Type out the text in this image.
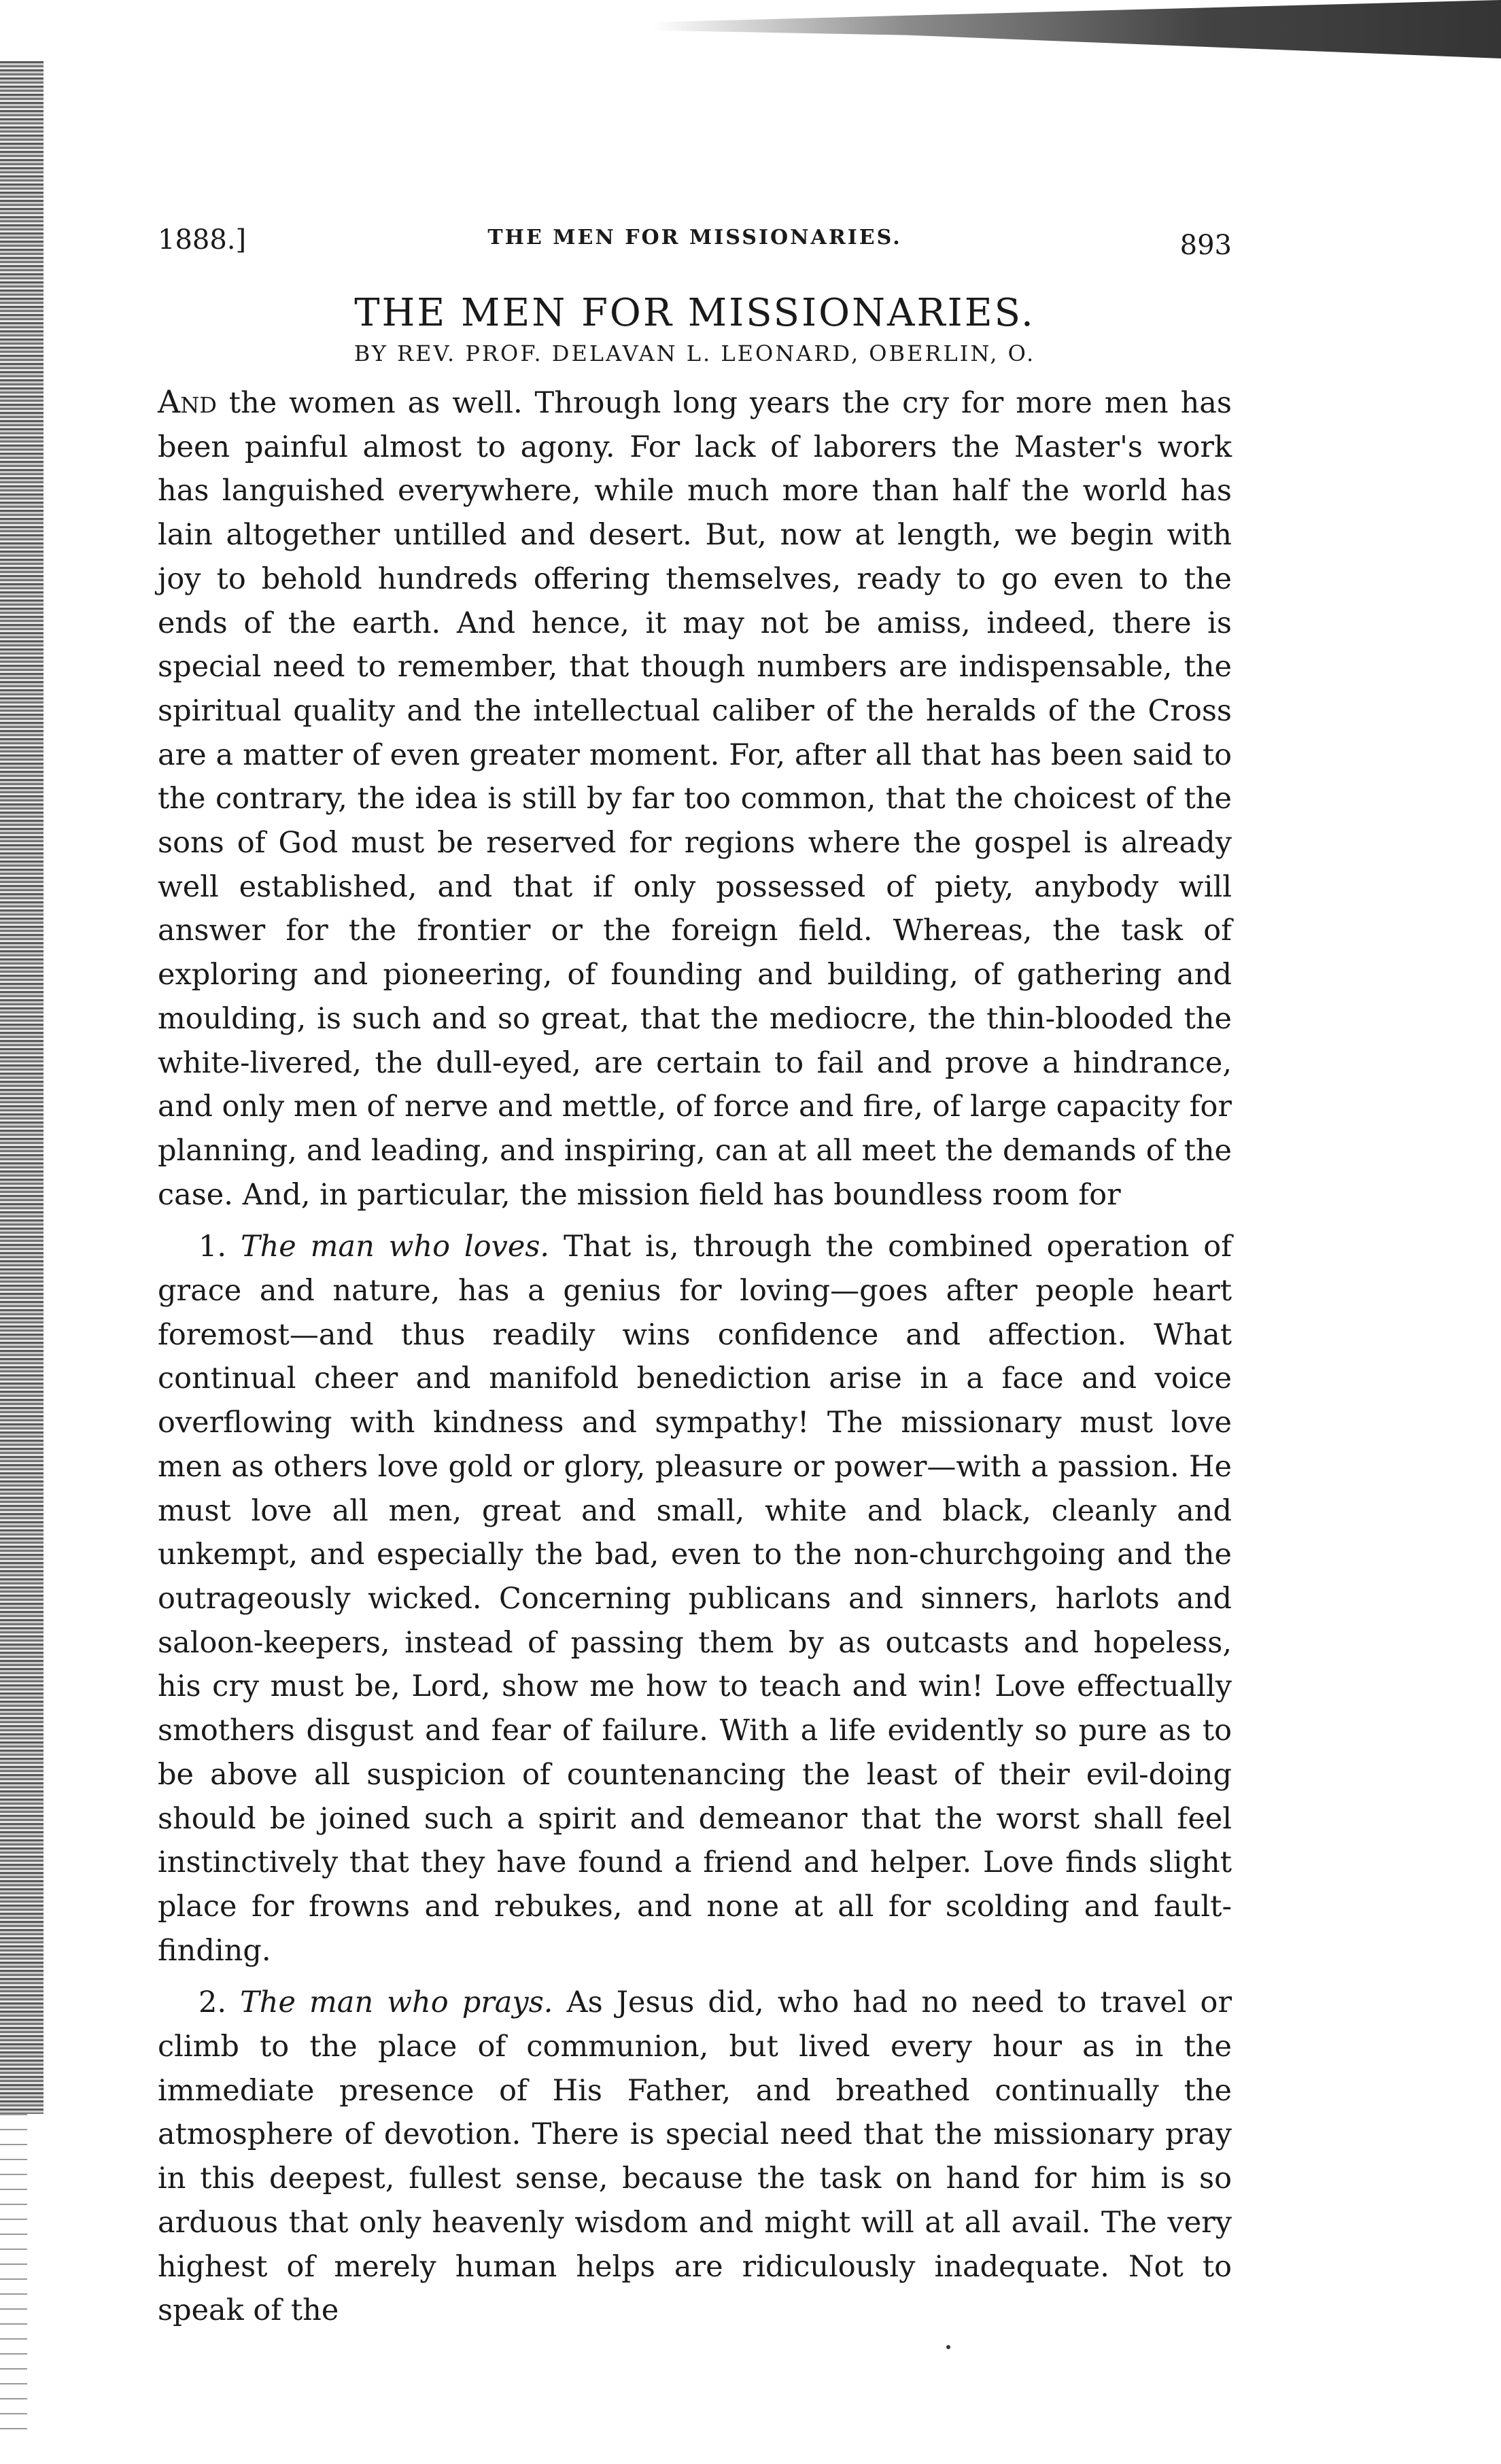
1888.]	THE MEN FOR MISSIONARIES.	893
THE MEN FOR MISSIONARIES.
BY REV. PROF. DELAVAN L. LEONARD, OBERLIN, O.

And the women as well. Through long years the cry for more men has been painful almost to agony. For lack of laborers the Master's work has languished everywhere, while much more than half the world has lain altogether untilled and desert. But, now at length, we begin with joy to behold hundreds offering themselves, ready to go even to the ends of the earth. And hence, it may not be amiss, indeed, there is special need to remember, that though numbers are indispensable, the spiritual quality and the intellectual caliber of the heralds of the Cross are a matter of even greater moment. For, after all that has been said to the contrary, the idea is still by far too common, that the choicest of the sons of God must be reserved for regions where the gospel is already well established, and that if only possessed of piety, anybody will answer for the frontier or the foreign field. Whereas, the task of exploring and pioneering, of founding and building, of gathering and moulding, is such and so great, that the mediocre, the thin-blooded the white-livered, the dull-eyed, are certain to fail and prove a hindrance, and only men of nerve and mettle, of force and fire, of large capacity for planning, and leading, and inspiring, can at all meet the demands of the case. And, in particular, the mission field has boundless room for

1. The man who loves. That is, through the combined operation of grace and nature, has a genius for loving—goes after people heart foremost—and thus readily wins confidence and affection. What continual cheer and manifold benediction arise in a face and voice overflowing with kindness and sympathy! The missionary must love men as others love gold or glory, pleasure or power—with a passion. He must love all men, great and small, white and black, cleanly and unkempt, and especially the bad, even to the non-churchgoing and the outrageously wicked. Concerning publicans and sinners, harlots and saloon-keepers, instead of passing them by as outcasts and hopeless, his cry must be, Lord, show me how to teach and win! Love effectually smothers disgust and fear of failure. With a life evidently so pure as to be above all suspicion of countenancing the least of their evil-doing should be joined such a spirit and demeanor that the worst shall feel instinctively that they have found a friend and helper. Love finds slight place for frowns and rebukes, and none at all for scolding and fault-finding.

2. The man who prays. As Jesus did, who had no need to travel or climb to the place of communion, but lived every hour as in the immediate presence of His Father, and breathed continually the atmosphere of devotion. There is special need that the missionary pray in this deepest, fullest sense, because the task on hand for him is so arduous that only heavenly wisdom and might will at all avail. The very highest of merely human helps are ridiculously inadequate. Not to speak of the
